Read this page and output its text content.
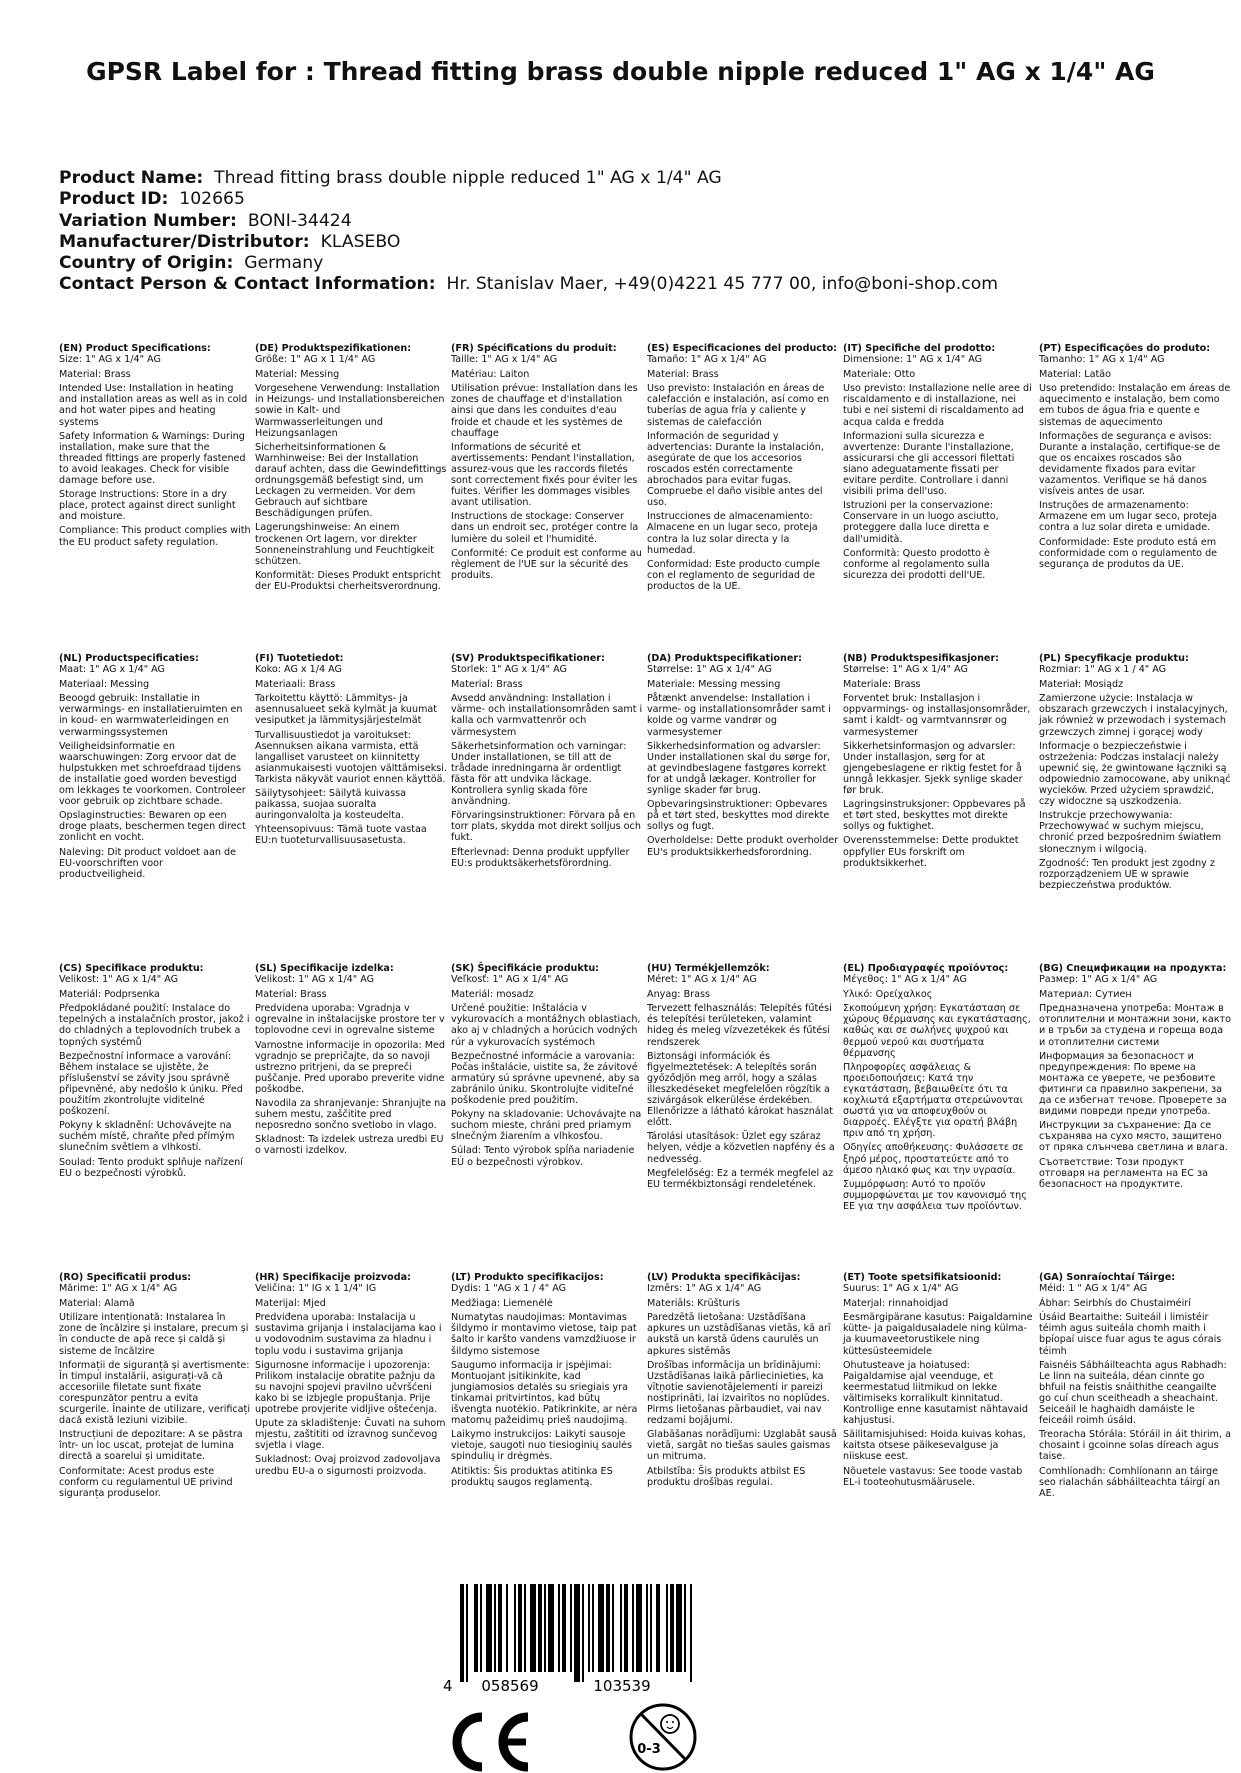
GPSR Label for : Thread fitting brass double nipple reduced 1" AG x 1/4" AG
Product Name: Thread fitting brass double nipple reduced 1" AG x 1/4" AG
Product ID: 102665
Variation Number: BONI-34424
Manufacturer/Distributor: KLASEBO
Country of Origin: Germany
Contact Person & Contact Information: Hr. Stanislav Maer, +49(0)4221 45 777 00, info@boni-shop.com
(EN) Product Specifications:
Size: 1" AG x 1/4" AG
Material: Brass
Intended Use: Installation in heating and installation areas as well as in cold and hot water pipes and heating systems
Safety Information & Warnings: During installation, make sure that the threaded fittings are properly fastened to avoid leakages. Check for visible damage before use.
Storage Instructions: Store in a dry place, protect against direct sunlight and moisture.
Compliance: This product complies with the EU product safety regulation.
(DE) Produktspezifikationen:
Größe: 1" AG x 1 1/4" AG
Material: Messing
Vorgesehene Verwendung: Installation in Heizungs- und Installationsbereichen sowie in Kalt- und Warmwasserleitungen und Heizungsanlagen
Sicherheitsinformationen & Warnhinweise: Bei der Installation darauf achten, dass die Gewindefittings ordnungsgemäß befestigt sind, um Leckagen zu vermeiden. Vor dem Gebrauch auf sichtbare Beschädigungen prüfen.
Lagerungshinweise: An einem trockenen Ort lagern, vor direkter Sonneneinstrahlung und Feuchtigkeit schützen.
Konformität: Dieses Produkt entspricht der EU-Produktsi cherheitsverordnung.
(FR) Spécifications du produit:
Taille: 1" AG x 1/4" AG
Matériau: Laiton
Utilisation prévue: Installation dans les zones de chauffage et d'installation ainsi que dans les conduites d'eau froide et chaude et les systèmes de chauffage
Informations de sécurité et avertissements: Pendant l'installation, assurez-vous que les raccords filetés sont correctement fixés pour éviter les fuites. Vérifier les dommages visibles avant utilisation.
Instructions de stockage: Conserver dans un endroit sec, protéger contre la lumière du soleil et l'humidité.
Conformité: Ce produit est conforme au règlement de l'UE sur la sécurité des produits.
(ES) Especificaciones del producto:
Tamaño: 1" AG x 1/4" AG
Material: Brass
Uso previsto: Instalación en áreas de calefacción e instalación, así como en tuberías de agua fría y caliente y sistemas de calefacción
Información de seguridad y advertencias: Durante la instalación, asegúrate de que los accesorios roscados estén correctamente abrochados para evitar fugas. Compruebe el daño visible antes del uso.
Instrucciones de almacenamiento: Almacene en un lugar seco, proteja contra la luz solar directa y la humedad.
Conformidad: Este producto cumple con el reglamento de seguridad de productos de la UE.
(IT) Specifiche del prodotto:
Dimensione: 1" AG x 1/4" AG
Materiale: Otto
Uso previsto: Installazione nelle aree di riscaldamento e di installazione, nei tubi e nei sistemi di riscaldamento ad acqua calda e fredda
Informazioni sulla sicurezza e avvertenze: Durante l'installazione, assicurarsi che gli accessori filettati siano adeguatamente fissati per evitare perdite. Controllare i danni visibili prima dell'uso.
Istruzioni per la conservazione: Conservare in un luogo asciutto, proteggere dalla luce diretta e dall'umidità.
Conformità: Questo prodotto è conforme al regolamento sulla sicurezza dei prodotti dell'UE.
(PT) Especificações do produto:
Tamanho: 1" AG x 1/4" AG
Material: Latão
Uso pretendido: Instalação em áreas de aquecimento e instalação, bem como em tubos de água fria e quente e sistemas de aquecimento
Informações de segurança e avisos: Durante a instalação, certifique-se de que os encaixes roscados são devidamente fixados para evitar vazamentos. Verifique se há danos visíveis antes de usar.
Instruções de armazenamento: Armazene em um lugar seco, proteja contra a luz solar direta e umidade.
Conformidade: Este produto está em conformidade com o regulamento de segurança de produtos da UE.
(NL) Productspecificaties:
Maat: 1" AG x 1/4" AG
Materiaal: Messing
Beoogd gebruik: Installatie in verwarmings- en installatieruimten en in koud- en warmwaterleidingen en verwarmingssystemen
Veiligheidsinformatie en waarschuwingen: Zorg ervoor dat de hulpstukken met schroefdraad tijdens de installatie goed worden bevestigd om lekkages te voorkomen. Controleer voor gebruik op zichtbare schade.
Opslaginstructies: Bewaren op een droge plaats, beschermen tegen direct zonlicht en vocht.
Naleving: Dit product voldoet aan de EU-voorschriften voor productveiligheid.
(FI) Tuotetiedot:
Koko: AG x 1/4 AG
Materiaali: Brass
Tarkoitettu käyttö: Lämmitys- ja asennusalueet sekä kylmät ja kuumat vesiputket ja lämmitysjärjestelmät
Turvallisuustiedot ja varoitukset: Asennuksen aikana varmista, että langalliset varusteet on kiinnitetty asianmukaisesti vuotojen välttämiseksi. Tarkista näkyvät vauriot ennen käyttöä.
Säilytysohjeet: Säilytä kuivassa paikassa, suojaa suoralta auringonvalolta ja kosteudelta.
Yhteensopivuus: Tämä tuote vastaa EU:n tuoteturvallisuusasetusta.
(SV) Produktspecifikationer:
Storlek: 1" AG x 1/4" AG
Material: Brass
Avsedd användning: Installation i värme- och installationsområden samt i kalla och varmvattenrör och värmesystem
Säkerhetsinformation och varningar: Under installationen, se till att de trådade inredningarna är ordentligt fästa för att undvika läckage. Kontrollera synlig skada före användning.
Förvaringsinstruktioner: Förvara på en torr plats, skydda mot direkt solljus och fukt.
Efterlevnad: Denna produkt uppfyller EU:s produktsäkerhetsförordning.
(DA) Produktspecifikationer:
Størrelse: 1" AG x 1/4" AG
Materiale: Messing messing
Påtænkt anvendelse: Installation i varme- og installationsområder samt i kolde og varme vandrør og varmesystemer
Sikkerhedsinformation og advarsler: Under installationen skal du sørge for, at gevindbeslagene fastgøres korrekt for at undgå lækager. Kontroller for synlige skader før brug.
Opbevaringsinstruktioner: Opbevares på et tørt sted, beskyttes mod direkte sollys og fugt.
Overholdelse: Dette produkt overholder EU's produktsikkerhedsforordning.
(NB) Produktspesifikasjoner:
Størrelse: 1" AG x 1/4" AG
Materiale: Brass
Forventet bruk: Installasjon i oppvarmings- og installasjonsområder, samt i kaldt- og varmtvannsrør og varmesystemer
Sikkerhetsinformasjon og advarsler: Under installasjon, sørg for at gjengebeslagene er riktig festet for å unngå lekkasjer. Sjekk synlige skader før bruk.
Lagringsinstruksjoner: Oppbevares på et tørt sted, beskyttes mot direkte sollys og fuktighet.
Overensstemmelse: Dette produktet oppfyller EUs forskrift om produktsikkerhet.
(PL) Specyfikacje produktu:
Rozmiar: 1" AG x 1 / 4" AG
Materiał: Mosiądz
Zamierzone użycie: Instalacja w obszarach grzewczych i instalacyjnych, jak również w przewodach i systemach grzewczych zimnej i gorącej wody
Informacje o bezpieczeństwie i ostrzeżenia: Podczas instalacji należy upewnić się, że gwintowane łączniki są odpowiednio zamocowane, aby uniknąć wycieków. Przed użyciem sprawdzić, czy widoczne są uszkodzenia.
Instrukcje przechowywania: Przechowywać w suchym miejscu, chronić przed bezpośrednim światłem słonecznym i wilgocią.
Zgodność: Ten produkt jest zgodny z rozporządzeniem UE w sprawie bezpieczeństwa produktów.
(CS) Specifikace produktu:
Velikost: 1" AG x 1/4" AG
Materiál: Podprsenka
Předpokládané použití: Instalace do tepelných a instalačních prostor, jakož i do chladných a teplovodních trubek a topných systémů
Bezpečnostní informace a varování: Během instalace se ujistěte, že příslušenství se závity jsou správně připevněné, aby nedošlo k úniku. Před použitím zkontrolujte viditelné poškození.
Pokyny k skladnění: Uchovávejte na suchém místě, chraňte před přímým slunečním světlem a vlhkostí.
Soulad: Tento produkt splňuje nařízení EU o bezpečnosti výrobků.
(SL) Specifikacije izdelka:
Velikost: 1" AG x 1/4" AG
Material: Brass
Predvidena uporaba: Vgradnja v ogrevalne in inštalacijske prostore ter v toplovodne cevi in ogrevalne sisteme
Varnostne informacije in opozorila: Med vgradnjo se prepričajte, da so navoji ustrezno pritrjeni, da se prepreči puščanje. Pred uporabo preverite vidne poškodbe.
Navodila za shranjevanje: Shranjujte na suhem mestu, zaščitite pred neposredno sončno svetlobo in vlago.
Skladnost: Ta izdelek ustreza uredbi EU o varnosti izdelkov.
(SK) Špecifikácie produktu:
Veľkosť: 1" AG x 1/4" AG
Materiál: mosadz
Určené použitie: Inštalácia v vykurovacích a montážnych oblastiach, ako aj v chladných a horúcich vodných rúr a vykurovacích systémoch
Bezpečnostné informácie a varovania: Počas inštalácie, uistite sa, že závitové armatúry sú správne upevnené, aby sa zabránilo úniku. Skontrolujte viditeľné poškodenie pred použitím.
Pokyny na skladovanie: Uchovávajte na suchom mieste, chráni pred priamym slnečným žiarením a vlhkosťou.
Súlad: Tento výrobok spĺňa nariadenie EÚ o bezpečnosti výrobkov.
(HU) Termékjellemzők:
Méret: 1" AG x 1/4" AG
Anyag: Brass
Tervezett felhasználás: Telepítés fűtési és telepítési területeken, valamint hideg és meleg vízvezetékek és fűtési rendszerek
Biztonsági információk és figyelmeztetések: A telepítés során győződjön meg arról, hogy a szálas illeszkedéseket megfelelően rögzítik a szivárgások elkerülése érdekében. Ellenőrizze a látható károkat használat előtt.
Tárolási utasítások: Üzlet egy száraz helyen, védje a közvetlen napfény és a nedvesség.
Megfelelőség: Ez a termék megfelel az EU termékbiztonsági rendeletének.
(EL) Προδιαγραφές προϊόντος:
Μέγεθος: 1" AG x 1/4" AG
Υλικό: Ορείχαλκος
Σκοπούμενη χρήση: Εγκατάσταση σε χώρους θέρμανσης και εγκατάστασης, καθώς και σε σωλήνες ψυχρού και θερμού νερού και συστήματα θέρμανσης
Πληροφορίες ασφάλειας & προειδοποιήσεις: Κατά την εγκατάσταση, βεβαιωθείτε ότι τα κοχλιωτά εξαρτήματα στερεώνονται σωστά για να αποφευχθούν οι διαρροές. Ελέγξτε για ορατή βλάβη πριν από τη χρήση.
Οδηγίες αποθήκευσης: Φυλάσσετε σε ξηρό μέρος, προστατεύετε από το άμεσο ηλιακό φως και την υγρασία.
Συμμόρφωση: Αυτό το προϊόν συμμορφώνεται με τον κανονισμό της ΕΕ για την ασφάλεια των προϊόντων.
(BG) Спецификации на продукта:
Размер: 1" AG x 1/4" AG
Материал: Сутиен
Предназначена употреба: Монтаж в отоплителни и монтажни зони, както и в тръби за студена и гореща вода и отоплителни системи
Информация за безопасност и предупреждения: По време на монтажа се уверете, че резбовите фитинги са правилно закрепени, за да се избегнат течове. Проверете за видими повреди преди употреба.
Инструкции за съхранение: Да се съхранява на сухо място, защитено от пряка слънчева светлина и влага.
Съответствие: Този продукт отговаря на регламента на ЕС за безопасност на продуктите.
(RO) Specificatii produs:
Mărime: 1" AG x 1/4" AG
Material: Alamă
Utilizare intenționată: Instalarea în zone de încălzire și instalare, precum și în conducte de apă rece și caldă și sisteme de încălzire
Informații de siguranță și avertismente: În timpul instalării, asigurați-vă că accesoriile filetate sunt fixate corespunzător pentru a evita scurgerile. Înainte de utilizare, verificați dacă există leziuni vizibile.
Instrucțiuni de depozitare: A se păstra într- un loc uscat, protejat de lumina directă a soarelui și umiditate.
Conformitate: Acest produs este conform cu regulamentul UE privind siguranța produselor.
(HR) Specifikacije proizvoda:
Veličina: 1" IG x 1 1/4" IG
Materijal: Mjed
Predviđena uporaba: Instalacija u sustavima grijanja i instalacijama kao i u vodovodnim sustavima za hladnu i toplu vodu i sustavima grijanja
Sigurnosne informacije i upozorenja: Prilikom instalacije obratite pažnju da su navojni spojevi pravilno učvršćeni kako bi se izbjegle propuštanja. Prije upotrebe provjerite vidljive oštećenja.
Upute za skladištenje: Čuvati na suhom mjestu, zaštititi od izravnog sunčevog svjetla i vlage.
Sukladnost: Ovaj proizvod zadovoljava uredbu EU-a o sigurnosti proizvoda.
(LT) Produkto specifikacijos:
Dydis: 1 "AG x 1 / 4" AG
Medžiaga: Liemenėlė
Numatytas naudojimas: Montavimas šildymo ir montavimo vietose, taip pat šalto ir karšto vandens vamzdžiuose ir šildymo sistemose
Saugumo informacija ir įspėjimai: Montuojant įsitikinkite, kad jungiamosios detalės su sriegiais yra tinkamai pritvirtintos, kad būtų išvengta nuotėkio. Patikrinkite, ar nėra matomų pažeidimų prieš naudojimą.
Laikymo instrukcijos: Laikyti sausoje vietoje, saugoti nuo tiesioginių saulės spindulių ir drėgmės.
Atitiktis: Šis produktas atitinka ES produktų saugos reglamentą.
(LV) Produkta specifikācijas:
Izmērs: 1" AG x 1/4" AG
Materiāls: Krūšturis
Paredzētā lietošana: Uzstādīšana apkures un uzstādīšanas vietās, kā arī aukstā un karstā ūdens caurulēs un apkures sistēmās
Drošības informācija un brīdinājumi: Uzstādīšanas laikā pārliecinieties, ka vītņotie savienotājelementi ir pareizi nostiprināti, lai izvairītos no noplūdes. Pirms lietošanas pārbaudiet, vai nav redzami bojājumi.
Glabāšanas norādījumi: Uzglabāt sausā vietā, sargāt no tiešas saules gaismas un mitruma.
Atbilstība: Šis produkts atbilst ES produktu drošības regulai.
(ET) Toote spetsifikatsioonid:
Suurus: 1" AG x 1/4" AG
Materjal: rinnahoidjad
Eesmärgipärane kasutus: Paigaldamine kütte- ja paigaldusaladele ning külma- ja kuumaveetorustikele ning küttesüsteemidele
Ohutusteave ja hoiatused: Paigaldamise ajal veenduge, et keermestatud liitmikud on lekke vältimiseks korralikult kinnitatud. Kontrollige enne kasutamist nähtavaid kahjustusi.
Säilitamisjuhised: Hoida kuivas kohas, kaitsta otsese päikesevalguse ja niiskuse eest.
Nõuetele vastavus: See toode vastab EL-i tooteohutusmäärusele.
(GA) Sonraíochtaí Táirge:
Méid: 1 " AG x 1/4" AG
Ábhar: Seirbhís do Chustaiméirí
Úsáid Beartaithe: Suiteáil i limistéir téimh agus suiteála chomh maith i bpíopaí uisce fuar agus te agus córais téimh
Faisnéis Sábháilteachta agus Rabhadh: Le linn na suiteála, déan cinnte go bhfuil na feistis snáithithe ceangailte go cuí chun sceitheadh a sheachaint. Seiceáil le haghaidh damáiste le feiceáil roimh úsáid.
Treoracha Stórála: Stóráil in áit thirim, a chosaint i gcoinne solas díreach agus taise.
Comhlíonadh: Comhlíonann an táirge seo rialachán sábháilteachta táirgí an AE.
4 058569	103539
0-3
